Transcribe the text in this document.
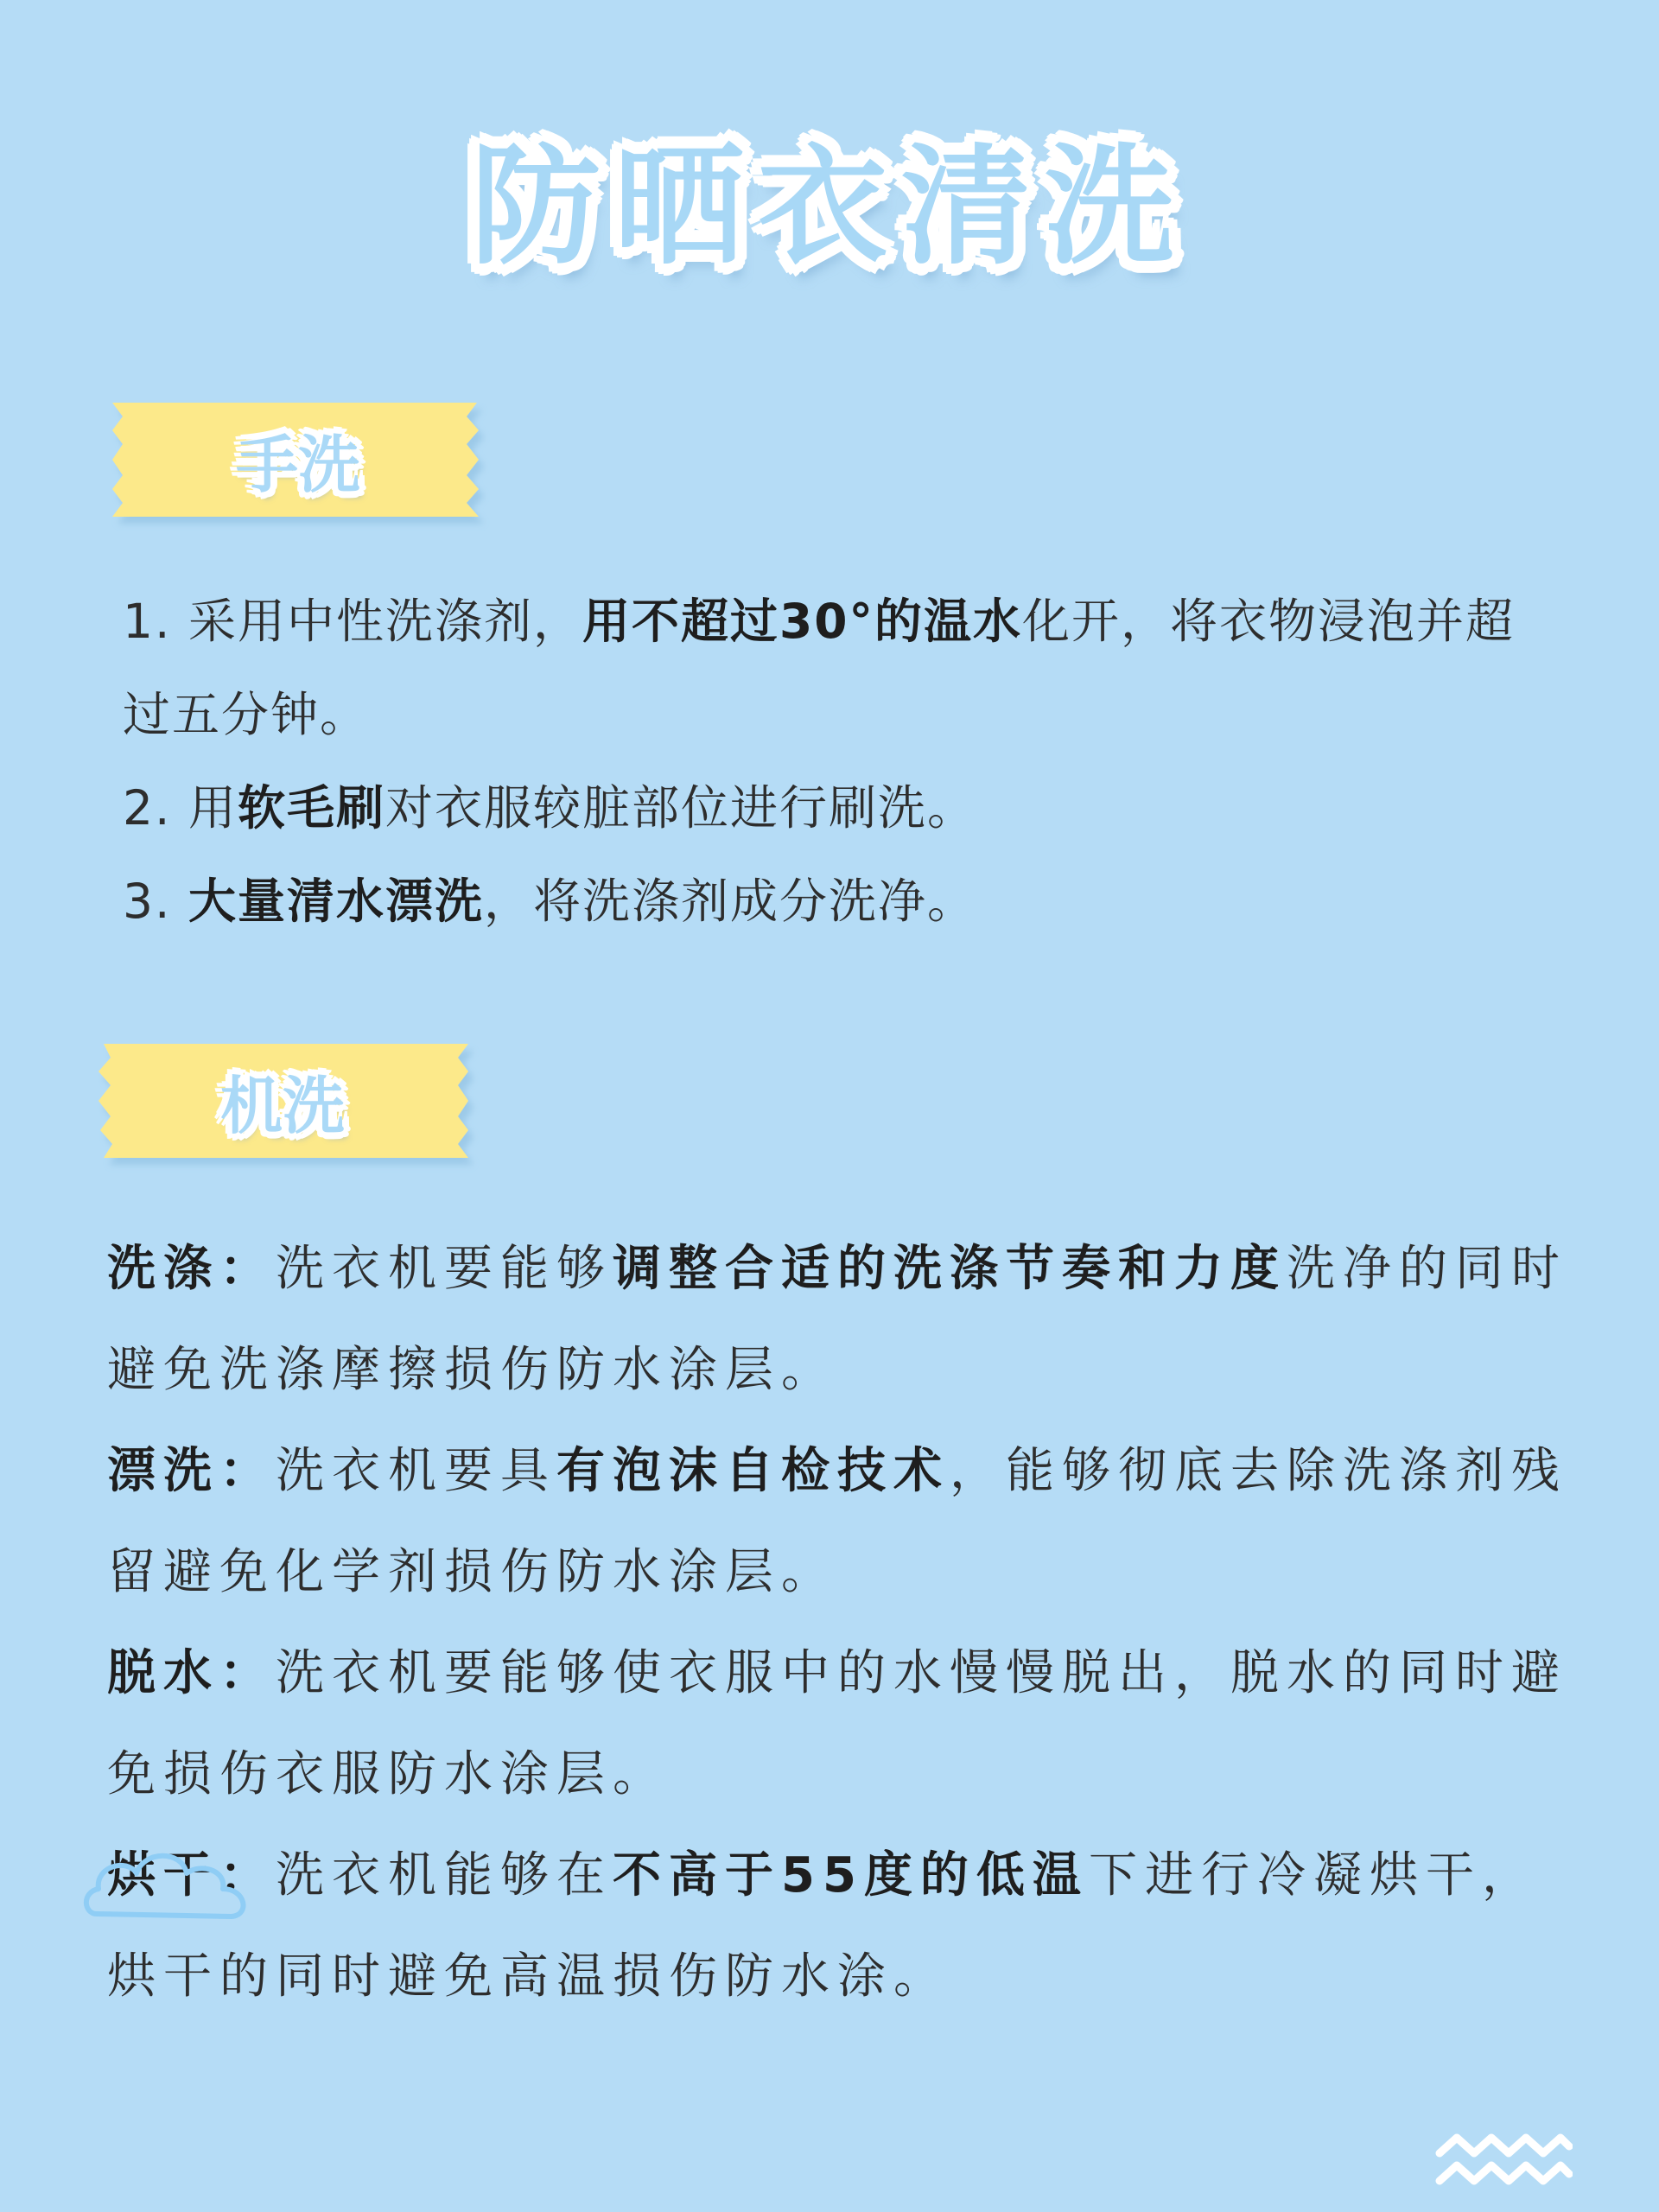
防晒衣清洗
手洗
1. 采用中性洗涤剂，用不超过30°的温水化开，将衣物浸泡并超过五分钟。
2. 用软毛刷对衣服较脏部位进行刷洗。
3. 大量清水漂洗，将洗涤剂成分洗净。
机洗
洗涤：洗衣机要能够调整合适的洗涤节奏和力度洗净的同时避免洗涤摩擦损伤防水涂层。
漂洗：洗衣机要具有泡沫自检技术，能够彻底去除洗涤剂残留避免化学剂损伤防水涂层。
脱水：洗衣机要能够使衣服中的水慢慢脱出，脱水的同时避免损伤衣服防水涂层。
烘干：洗衣机能够在不高于55度的低温下进行冷凝烘干，烘干的同时避免高温损伤防水涂。
